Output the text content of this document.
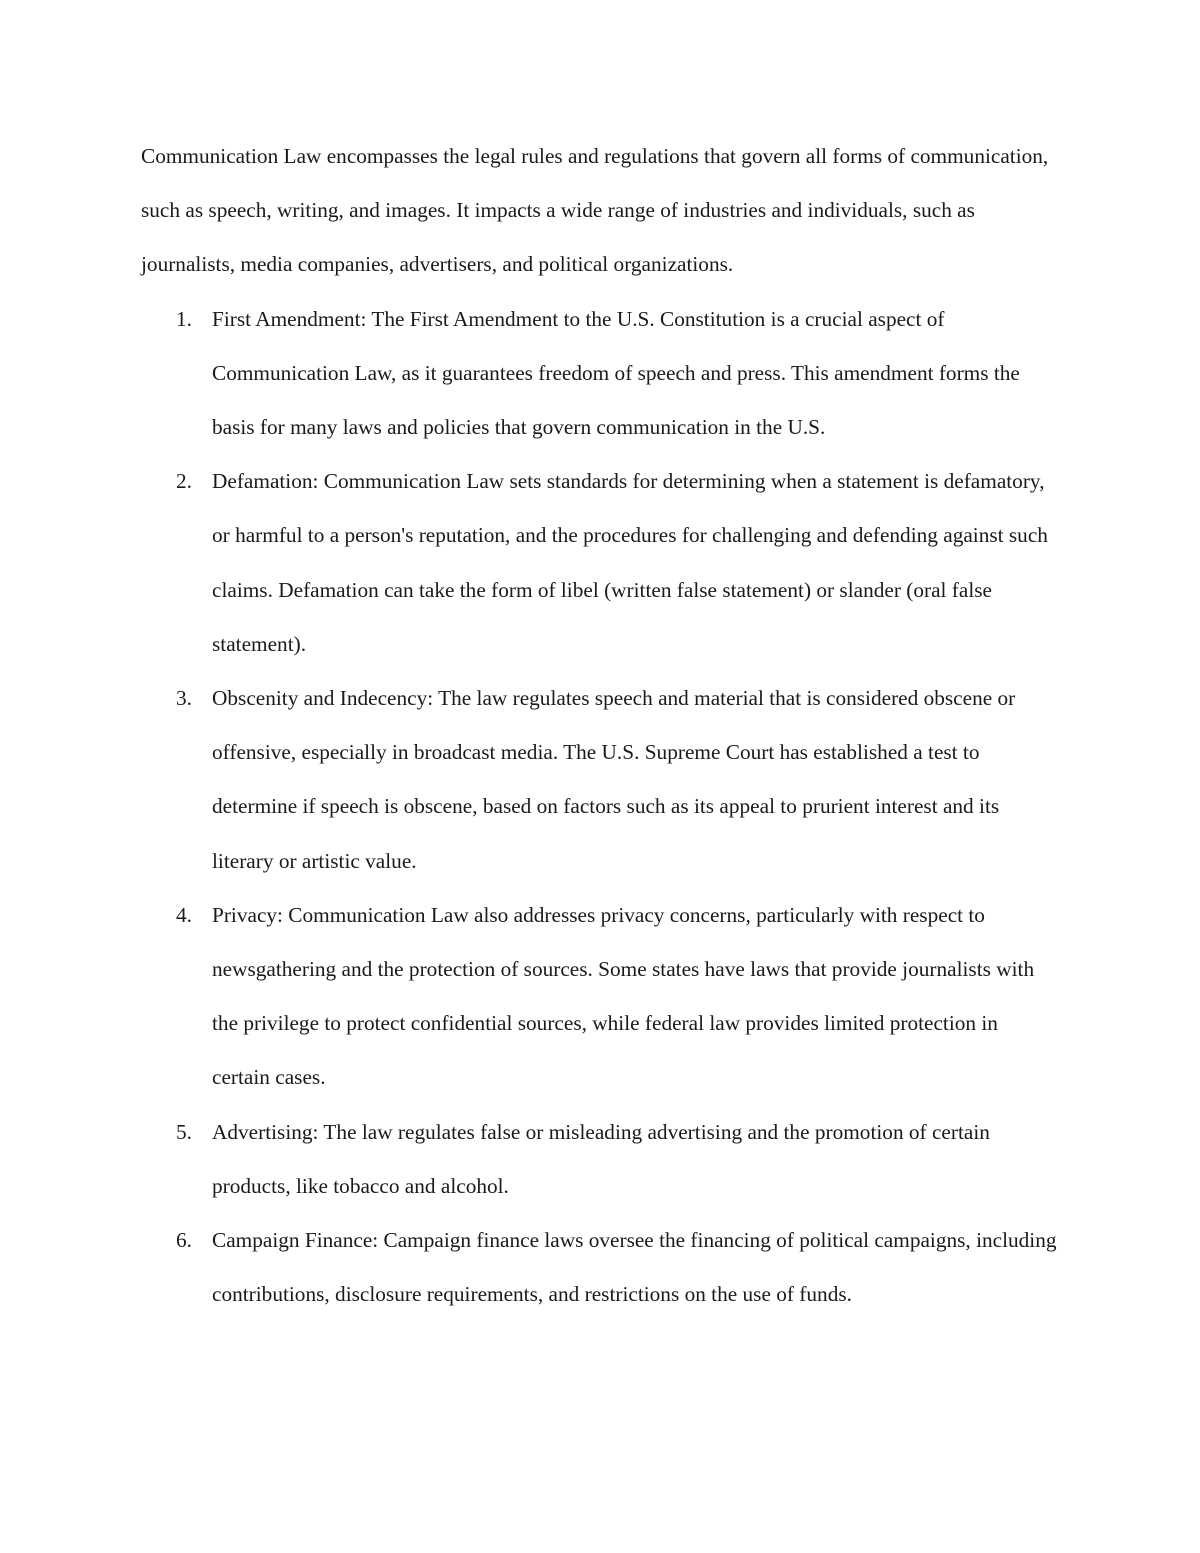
Communication Law encompasses the legal rules and regulations that govern all forms of communication, such as speech, writing, and images. It impacts a wide range of industries and individuals, such as journalists, media companies, advertisers, and political organizations.

1. First Amendment: The First Amendment to the U.S. Constitution is a crucial aspect of Communication Law, as it guarantees freedom of speech and press. This amendment forms the basis for many laws and policies that govern communication in the U.S.
2. Defamation: Communication Law sets standards for determining when a statement is defamatory, or harmful to a person's reputation, and the procedures for challenging and defending against such claims. Defamation can take the form of libel (written false statement) or slander (oral false statement).
3. Obscenity and Indecency: The law regulates speech and material that is considered obscene or offensive, especially in broadcast media. The U.S. Supreme Court has established a test to determine if speech is obscene, based on factors such as its appeal to prurient interest and its literary or artistic value.
4. Privacy: Communication Law also addresses privacy concerns, particularly with respect to newsgathering and the protection of sources. Some states have laws that provide journalists with the privilege to protect confidential sources, while federal law provides limited protection in certain cases.
5. Advertising: The law regulates false or misleading advertising and the promotion of certain products, like tobacco and alcohol.
6. Campaign Finance: Campaign finance laws oversee the financing of political campaigns, including contributions, disclosure requirements, and restrictions on the use of funds.
